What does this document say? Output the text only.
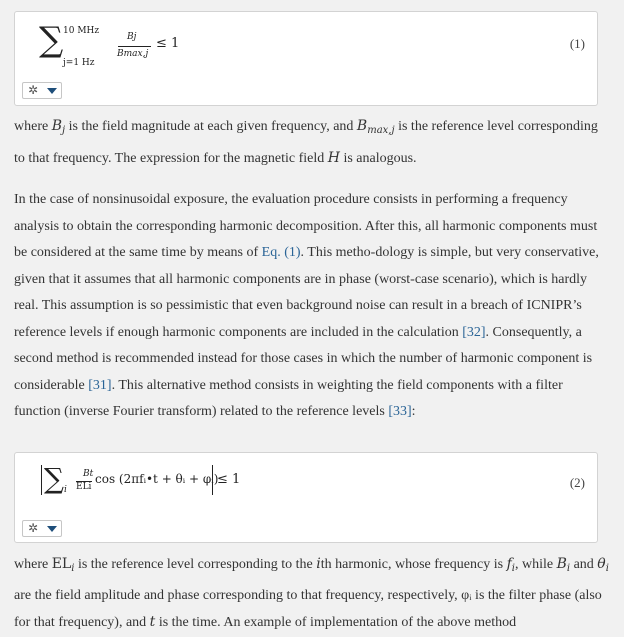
∑ 10 MHz
j=1 Hz
Bj
Bmax,j
≤ 1	(1)
✲

where $B_j$ is the field magnitude at each given frequency, and $B_{max,j}$ is the reference level corresponding to that frequency. The expression for the magnetic field H is analogous.

In the case of nonsinusoidal exposure, the evaluation procedure consists in performing a frequency analysis to obtain the corresponding harmonic decomposition. After this, all harmonic components must be considered at the same time by means of Eq. (1). This metho-dology is simple, but very conservative, given that it assumes that all harmonic components are in phase (worst-case scenario), which is hardly real. This assumption is so pessimistic that even background noise can result in a breach of ICNIPR’s reference levels if enough harmonic components are included in the calculation [32]. Consequently, a second method is recommended instead for those cases in which the number of harmonic component is considerable [31]. This alternative method consists in weighting the field components with a filter function (inverse Fourier transform) related to the reference levels [33]:

∑ i
Bt
ELi
cos (2πfᵢ•t + θᵢ + φᵢ)
≤ 1	(2)
✲

where $EL_i$ is the reference level corresponding to the ith harmonic, whose frequency is $f_i$, while $B_i$ and $\theta_i$ are the field amplitude and phase corresponding to that frequency, respectively, φᵢ is the filter phase (also for that frequency), and t is the time. An example of implementation of the above method
